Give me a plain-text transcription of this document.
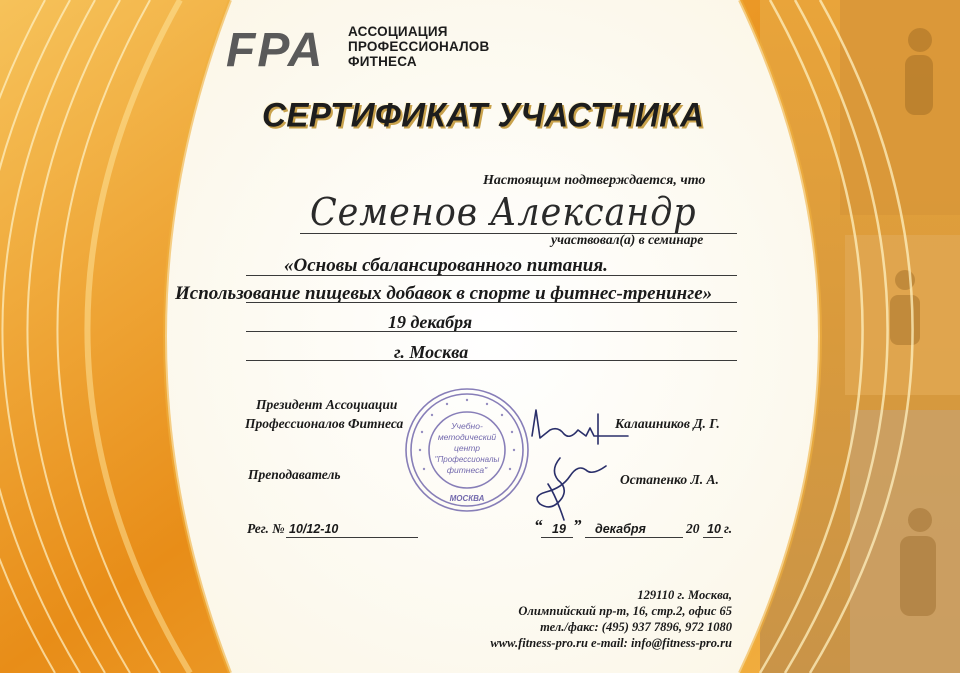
FPA АССОЦИАЦИЯ
ПРОФЕССИОНАЛОВ
ФИТНЕСА
СЕРТИФИКАТ УЧАСТНИКА
Настоящим подтверждается, что
Семенов Александр
участвовал(а) в семинаре
«Основы сбалансированного питания.
Использование пищевых добавок в спорте и фитнес-тренинге»
19 декабря
г. Москва
Президент Ассоциации
Профессионалов Фитнеса	Калашников Д. Г.
Преподаватель	Остапенко Л. А.
Учебно-
методический
центр
"Профессионалы
фитнеса"
МОСКВА
Рег. № 10/12-10	“ 19 ” декабря	20 10 г.
129110 г. Москва,
Олимпийский пр-т, 16, стр.2, офис 65
тел./факс: (495) 937 7896, 972 1080
www.fitness-pro.ru e-mail: info@fitness-pro.ru
